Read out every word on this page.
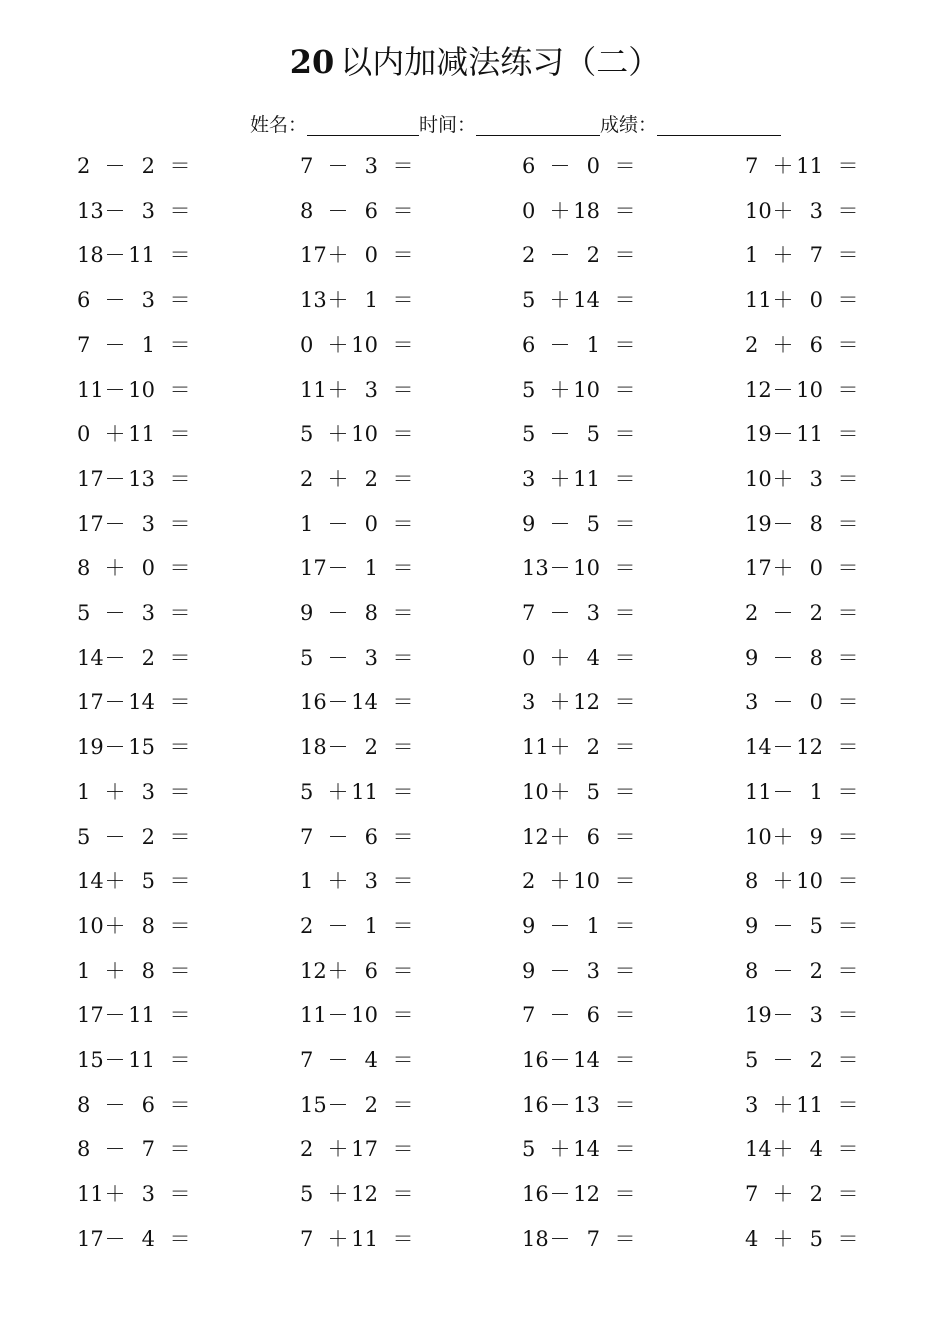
20 以内加减法练习（二）
姓名：	时间：	成绩：
2 － 2 ＝	7 － 3 ＝	6 － 0 ＝	7 ＋ 11 ＝
13 － 3 ＝	8 － 6 ＝	0 ＋ 18 ＝	10 ＋ 3 ＝
18 － 11 ＝	17 ＋ 0 ＝	2 － 2 ＝	1 ＋ 7 ＝
6 － 3 ＝	13 ＋ 1 ＝	5 ＋ 14 ＝	11 ＋ 0 ＝
7 － 1 ＝	0 ＋ 10 ＝	6 － 1 ＝	2 ＋ 6 ＝
11 － 10 ＝	11 ＋ 3 ＝	5 ＋ 10 ＝	12 － 10 ＝
0 ＋ 11 ＝	5 ＋ 10 ＝	5 － 5 ＝	19 － 11 ＝
17 － 13 ＝	2 ＋ 2 ＝	3 ＋ 11 ＝	10 ＋ 3 ＝
17 － 3 ＝	1 － 0 ＝	9 － 5 ＝	19 － 8 ＝
8 ＋ 0 ＝	17 － 1 ＝	13 － 10 ＝	17 ＋ 0 ＝
5 － 3 ＝	9 － 8 ＝	7 － 3 ＝	2 － 2 ＝
14 － 2 ＝	5 － 3 ＝	0 ＋ 4 ＝	9 － 8 ＝
17 － 14 ＝	16 － 14 ＝	3 ＋ 12 ＝	3 － 0 ＝
19 － 15 ＝	18 － 2 ＝	11 ＋ 2 ＝	14 － 12 ＝
1 ＋ 3 ＝	5 ＋ 11 ＝	10 ＋ 5 ＝	11 － 1 ＝
5 － 2 ＝	7 － 6 ＝	12 ＋ 6 ＝	10 ＋ 9 ＝
14 ＋ 5 ＝	1 ＋ 3 ＝	2 ＋ 10 ＝	8 ＋ 10 ＝
10 ＋ 8 ＝	2 － 1 ＝	9 － 1 ＝	9 － 5 ＝
1 ＋ 8 ＝	12 ＋ 6 ＝	9 － 3 ＝	8 － 2 ＝
17 － 11 ＝	11 － 10 ＝	7 － 6 ＝	19 － 3 ＝
15 － 11 ＝	7 － 4 ＝	16 － 14 ＝	5 － 2 ＝
8 － 6 ＝	15 － 2 ＝	16 － 13 ＝	3 ＋ 11 ＝
8 － 7 ＝	2 ＋ 17 ＝	5 ＋ 14 ＝	14 ＋ 4 ＝
11 ＋ 3 ＝	5 ＋ 12 ＝	16 － 12 ＝	7 ＋ 2 ＝
17 － 4 ＝	7 ＋ 11 ＝	18 － 7 ＝	4 ＋ 5 ＝
